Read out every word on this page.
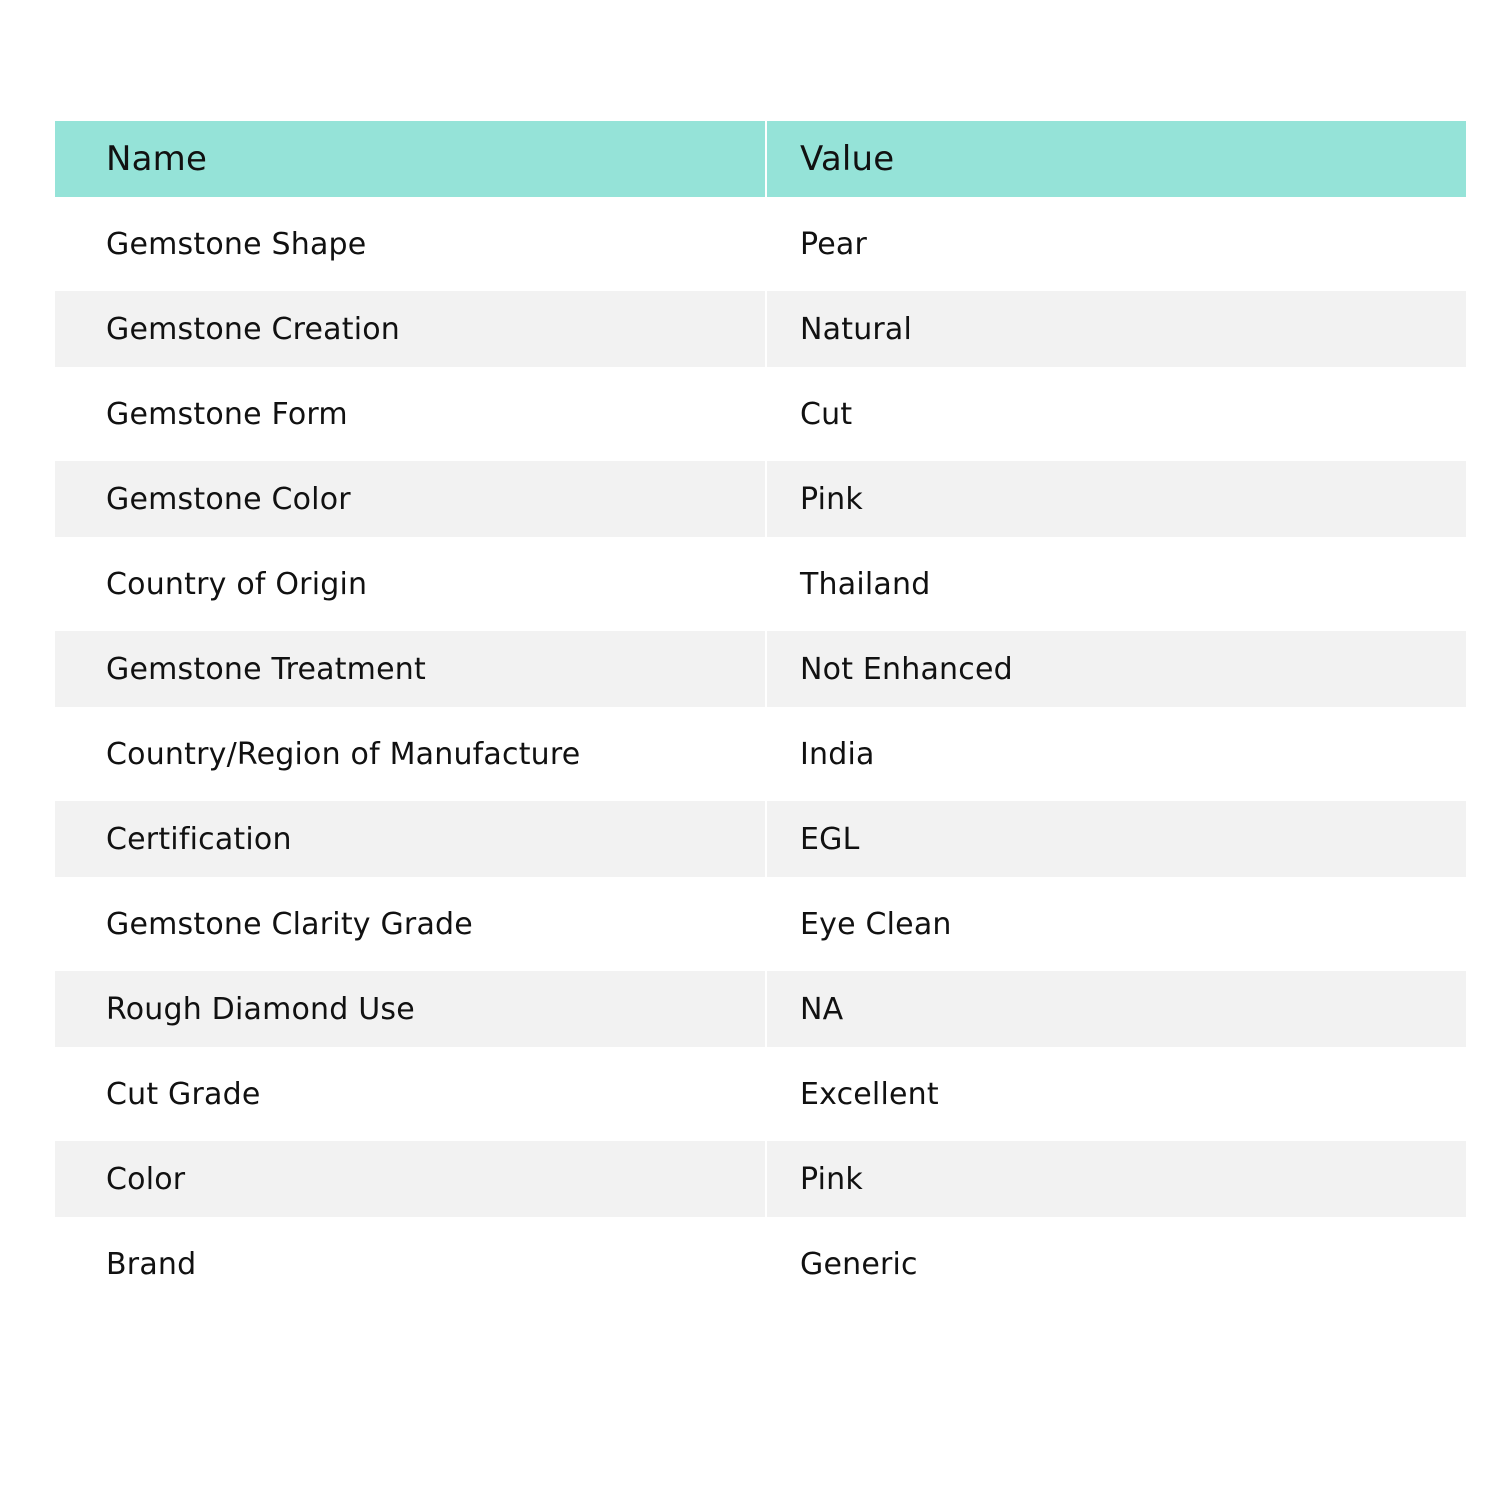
Name	Value
Gemstone Shape	Pear
Gemstone Creation	Natural
Gemstone Form	Cut
Gemstone Color	Pink
Country of Origin	Thailand
Gemstone Treatment	Not Enhanced
Country/Region of Manufacture	India
Certification	EGL
Gemstone Clarity Grade	Eye Clean
Rough Diamond Use	NA
Cut Grade	Excellent
Color	Pink
Brand	Generic
